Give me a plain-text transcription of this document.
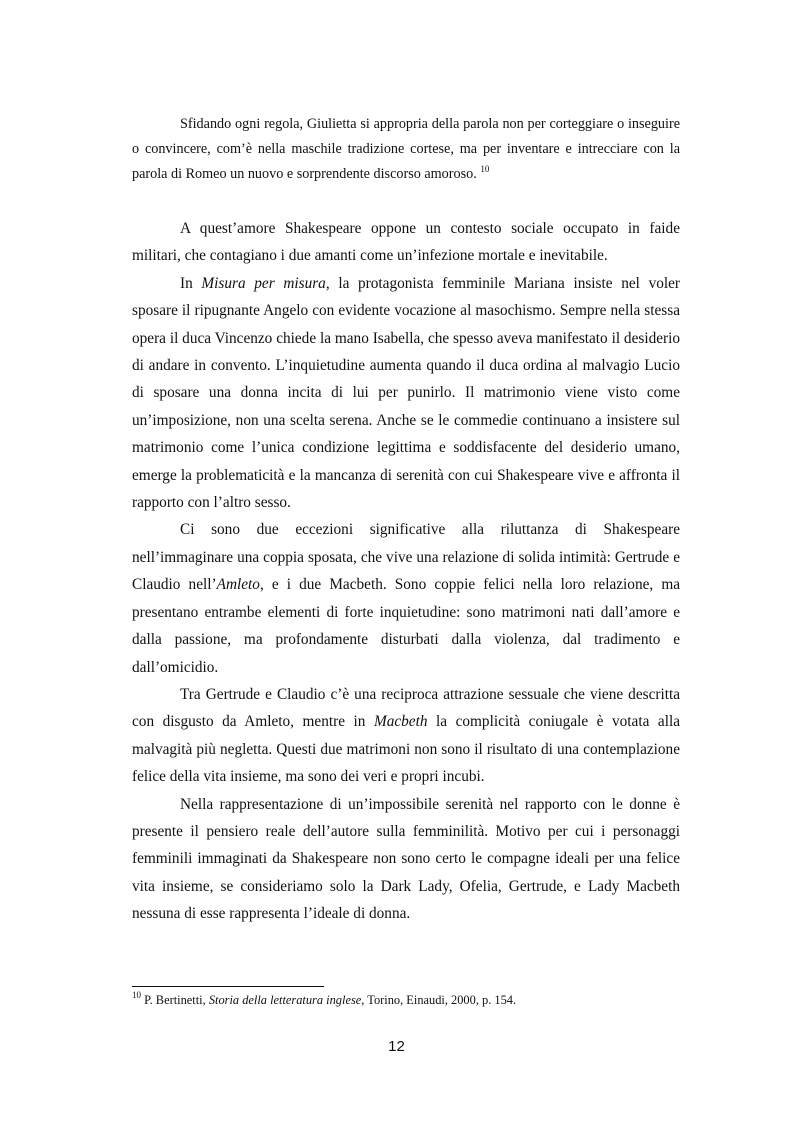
Sfidando ogni regola, Giulietta si appropria della parola non per corteggiare o inseguire o convincere, com’è nella maschile tradizione cortese, ma per inventare e intrecciare con la parola di Romeo un nuovo e sorprendente discorso amoroso. $^{10}$

A quest’amore Shakespeare oppone un contesto sociale occupato in faide militari, che contagiano i due amanti come un’infezione mortale e inevitabile.

In Misura per misura, la protagonista femminile Mariana insiste nel voler sposare il ripugnante Angelo con evidente vocazione al masochismo. Sempre nella stessa opera il duca Vincenzo chiede la mano Isabella, che spesso aveva manifestato il desiderio di andare in convento. L’inquietudine aumenta quando il duca ordina al malvagio Lucio di sposare una donna incita di lui per punirlo. Il matrimonio viene visto come un’imposizione, non una scelta serena. Anche se le commedie continuano a insistere sul matrimonio come l’unica condizione legittima e soddisfacente del desiderio umano, emerge la problematicità e la mancanza di serenità con cui Shakespeare vive e affronta il rapporto con l’altro sesso.

Ci sono due eccezioni significative alla riluttanza di Shakespeare nell’immaginare una coppia sposata, che vive una relazione di solida intimità: Gertrude e Claudio nell’Amleto, e i due Macbeth. Sono coppie felici nella loro relazione, ma presentano entrambe elementi di forte inquietudine: sono matrimoni nati dall’amore e dalla passione, ma profondamente disturbati dalla violenza, dal tradimento e dall’omicidio.

Tra Gertrude e Claudio c’è una reciproca attrazione sessuale che viene descritta con disgusto da Amleto, mentre in Macbeth la complicità coniugale è votata alla malvagità più negletta. Questi due matrimoni non sono il risultato di una contemplazione felice della vita insieme, ma sono dei veri e propri incubi.

Nella rappresentazione di un’impossibile serenità nel rapporto con le donne è presente il pensiero reale dell’autore sulla femminilità. Motivo per cui i personaggi femminili immaginati da Shakespeare non sono certo le compagne ideali per una felice vita insieme, se consideriamo solo la Dark Lady, Ofelia, Gertrude, e Lady Macbeth nessuna di esse rappresenta l’ideale di donna.

$^{10}$ P. Bertinetti, Storia della letteratura inglese, Torino, Einaudi, 2000, p. 154.
12
